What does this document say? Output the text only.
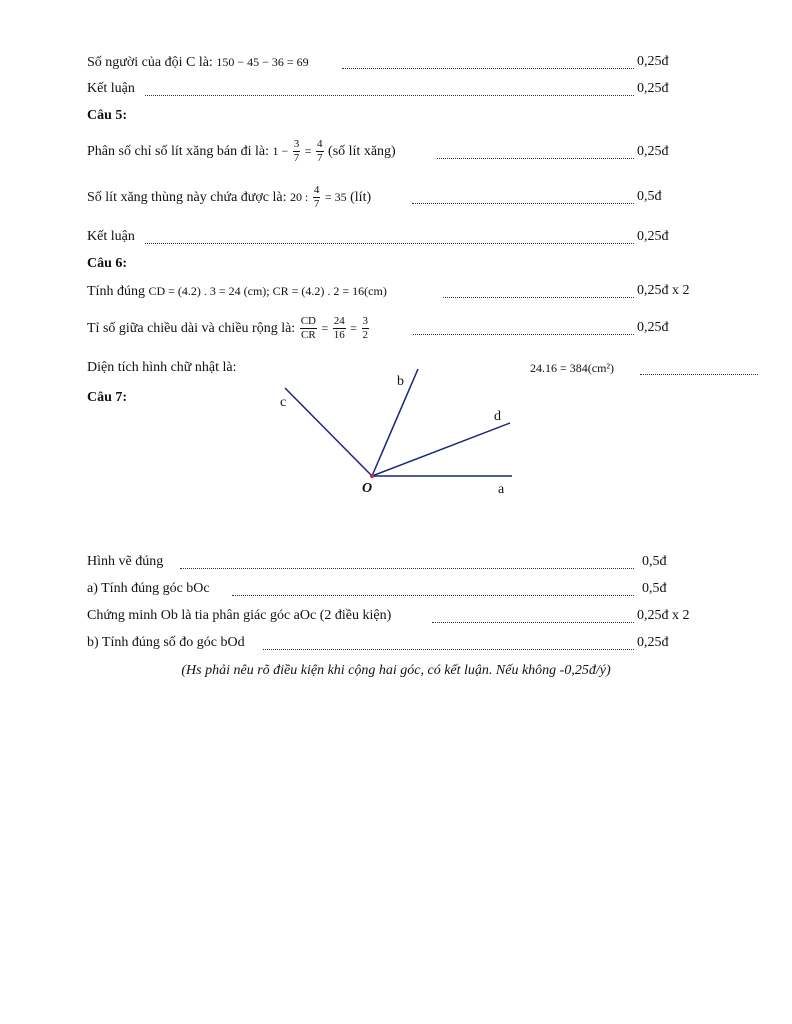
Số người của đội C là: 150 − 45 − 36 = 69	0,25đ
Kết luận	0,25đ
Câu 5:
Phân số chỉ số lít xăng bán đi là: $1 - \frac{3}{7} = \frac{4}{7}$ (số lít xăng)	0,25đ
Số lít xăng thùng này chứa được là: 20 : $\frac{4}{7} = 35$ (lít)	0,5đ
Kết luận	0,25đ
Câu 6:
Tính đúng CD = (4.2) . 3 = 24 (cm); CR = (4.2) . 2 = 16(cm)	0,25đ x 2
Tỉ số giữa chiều dài và chiều rộng là: $\frac{CD}{CR} = \frac{24}{16} = \frac{3}{2}$	0,25đ
Diện tích hình chữ nhật là:	24.16 = 384(cm²)
Câu 7:
b
c
d
O	a
Hình vẽ đúng	0,5đ
a) Tính đúng góc bOc	0,5đ
Chứng minh Ob là tia phân giác góc aOc (2 điều kiện)	0,25đ x 2
b) Tính đúng số đo góc bOd	0,25đ
(Hs phải nêu rõ điều kiện khi cộng hai góc, có kết luận. Nếu không -0,25đ/ý)
